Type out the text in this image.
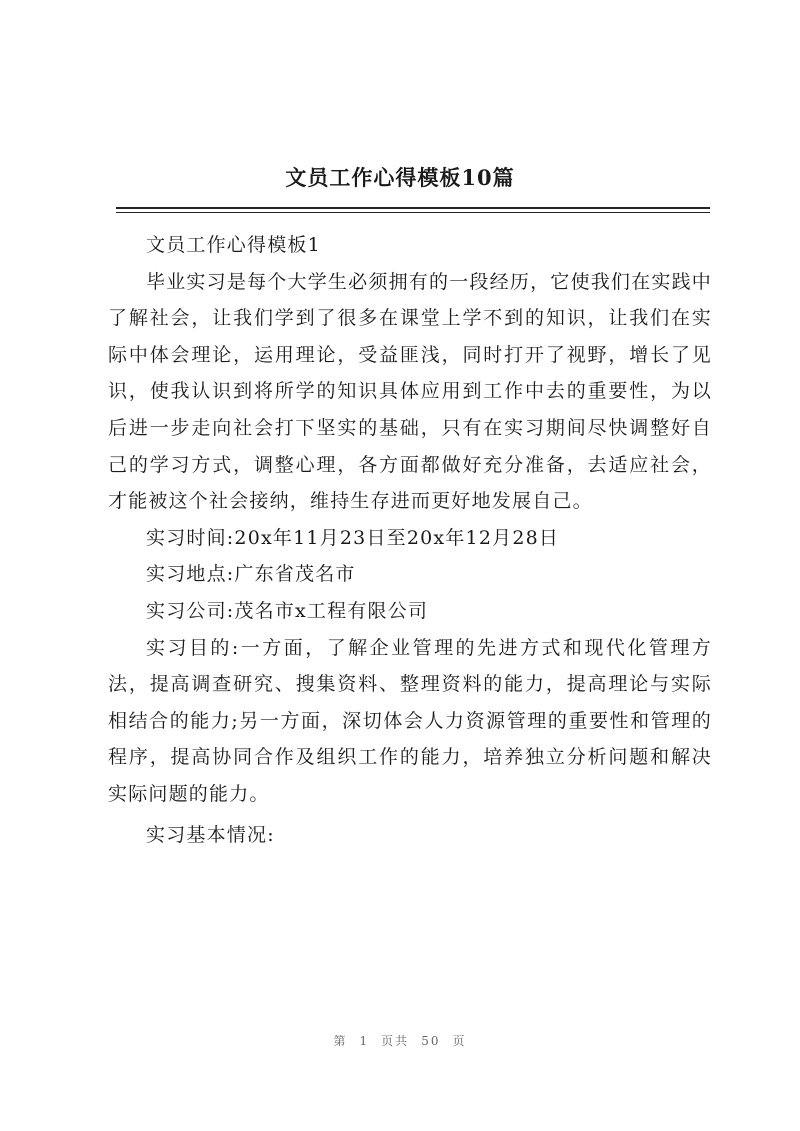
文员工作心得模板10篇

文员工作心得模板1

毕业实习是每个大学生必须拥有的一段经历，它使我们在实践中了解社会，让我们学到了很多在课堂上学不到的知识，让我们在实际中体会理论，运用理论，受益匪浅，同时打开了视野，增长了见识，使我认识到将所学的知识具体应用到工作中去的重要性，为以后进一步走向社会打下坚实的基础，只有在实习期间尽快调整好自己的学习方式，调整心理，各方面都做好充分准备，去适应社会，才能被这个社会接纳，维持生存进而更好地发展自己。

实习时间:20x年11月23日至20x年12月28日

实习地点:广东省茂名市

实习公司:茂名市x工程有限公司

实习目的:一方面，了解企业管理的先进方式和现代化管理方法，提高调查研究、搜集资料、整理资料的能力，提高理论与实际相结合的能力;另一方面，深切体会人力资源管理的重要性和管理的程序，提高协同合作及组织工作的能力，培养独立分析问题和解决实际问题的能力。

实习基本情况:

第 1 页共 50 页
